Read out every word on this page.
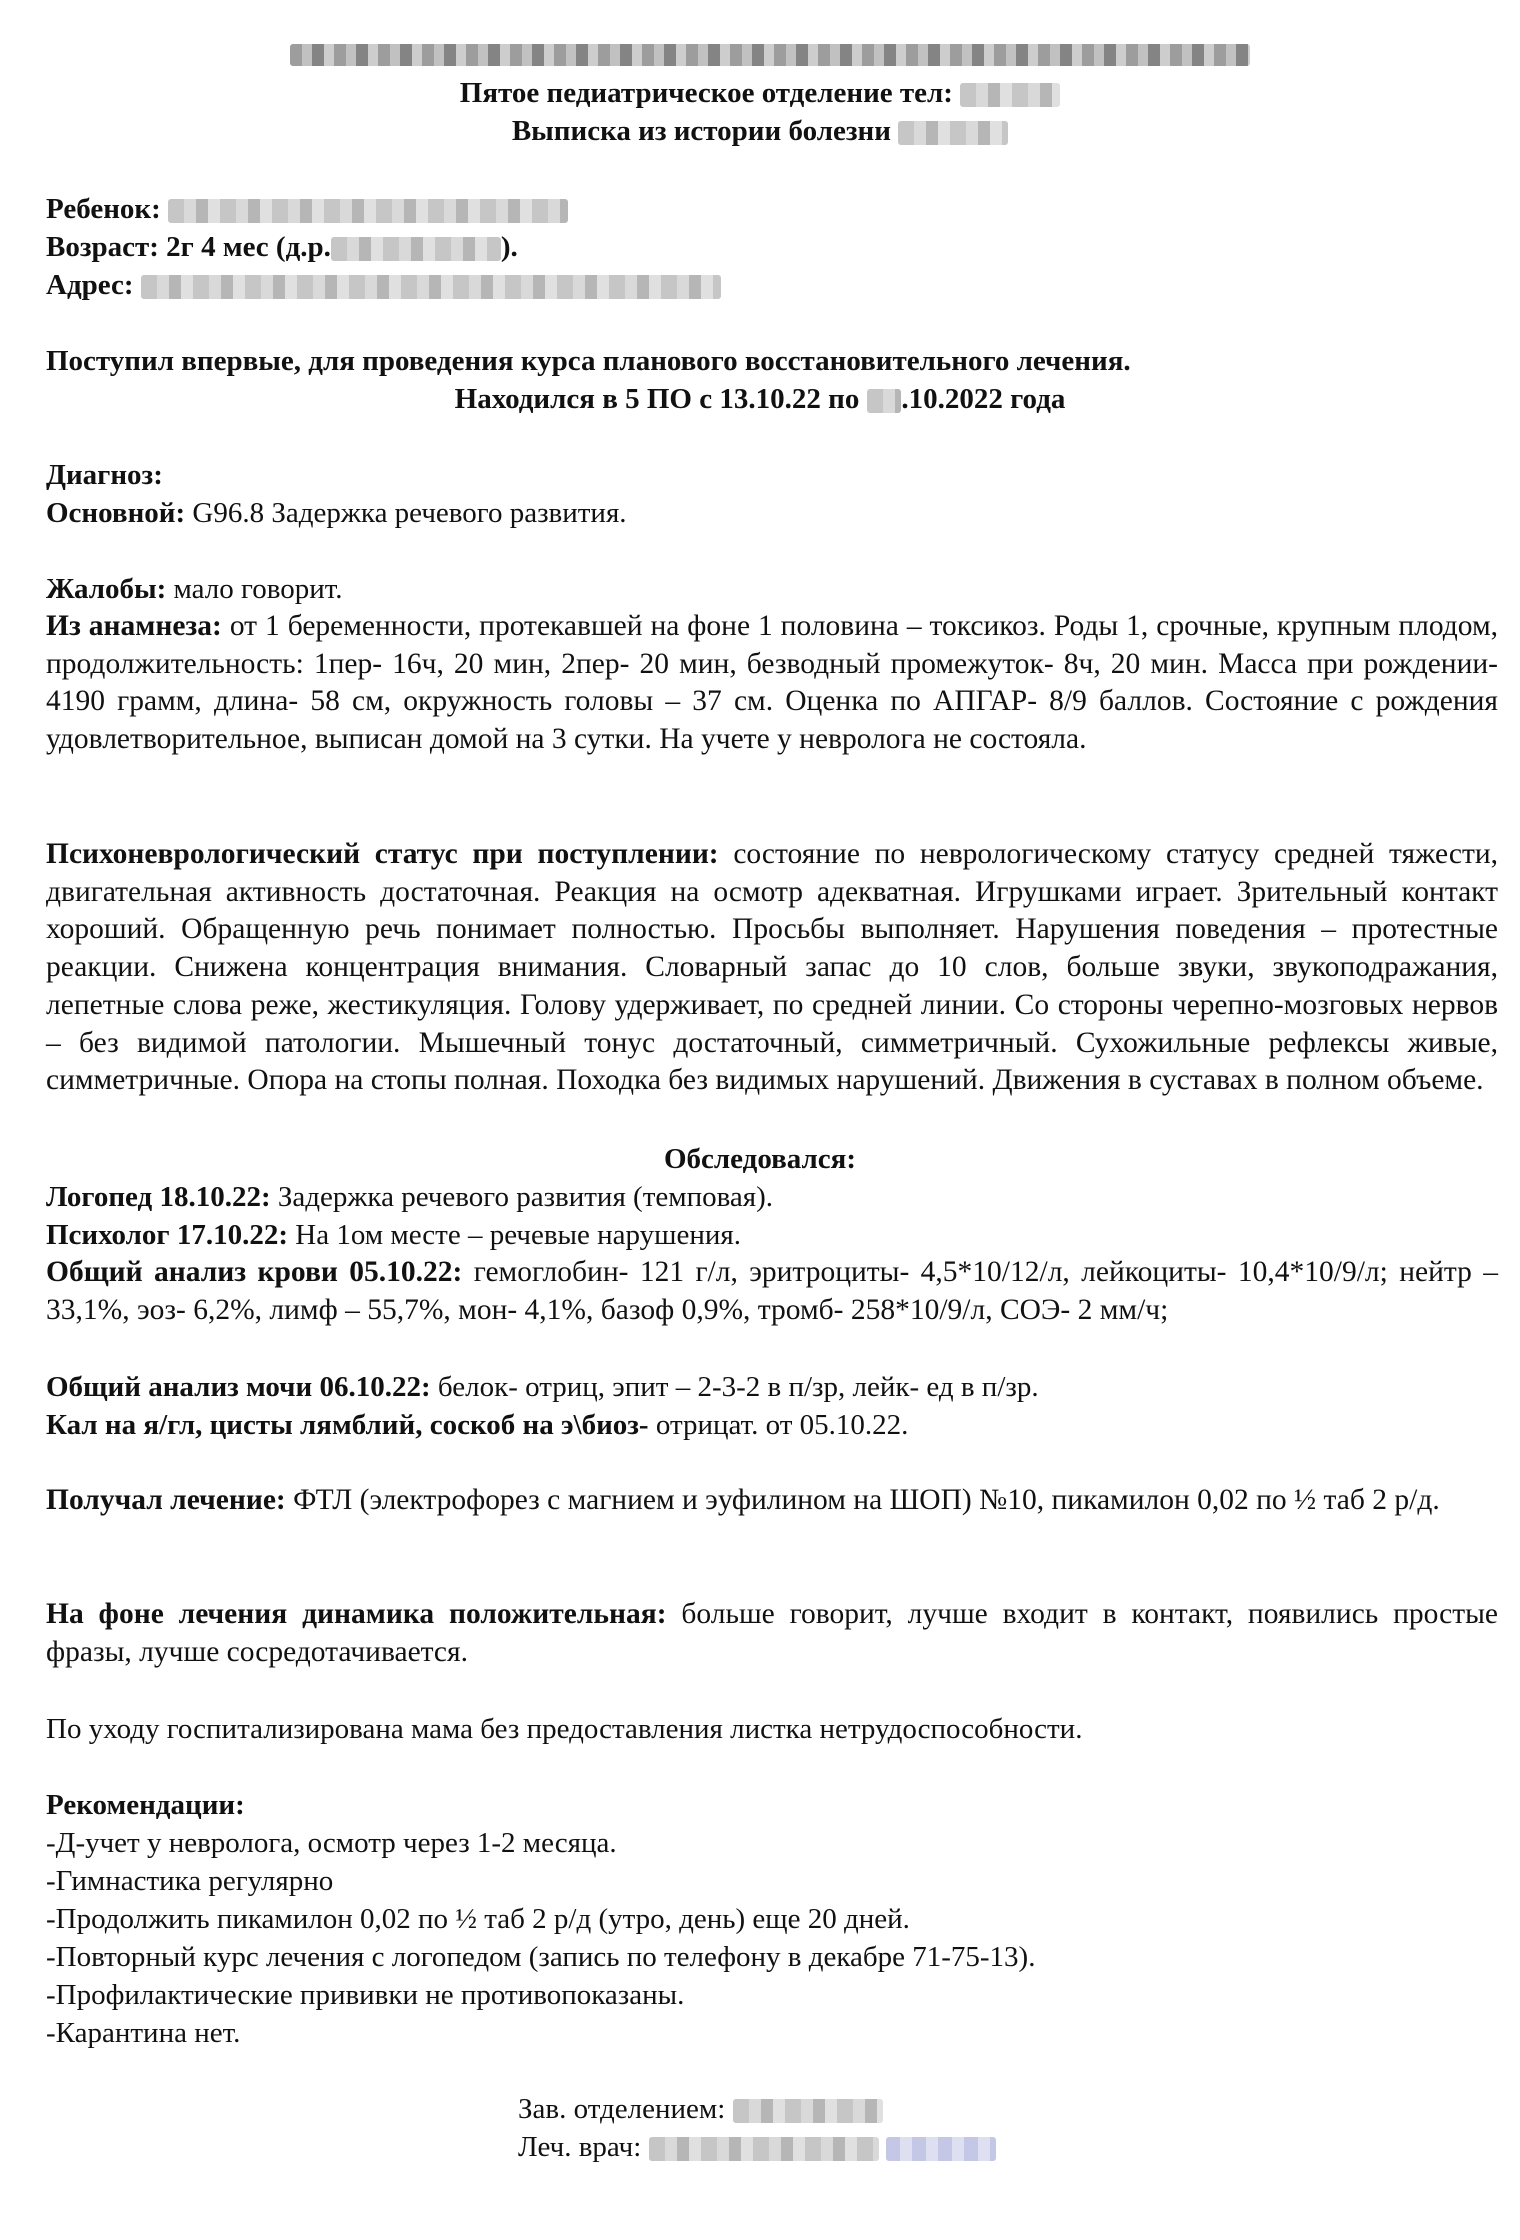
Пятое педиатрическое отделение тел:
Выписка из истории болезни
Ребенок:
Возраст: 2г 4 мес (д.р.	).
Адрес:
Поступил впервые, для проведения курса планового восстановительного лечения.
Находился в 5 ПО с 13.10.22 по .10.2022 года
Диагноз:
Основной: G96.8 Задержка речевого развития.
Жалобы: мало говорит.
Из анамнеза: от 1 беременности, протекавшей на фоне 1 половина – токсикоз. Роды 1, срочные, крупным плодом, продолжительность: 1пер- 16ч, 20 мин, 2пер- 20 мин, безводный промежуток- 8ч, 20 мин. Масса при рождении- 4190 грамм, длина- 58 см, окружность головы – 37 см. Оценка по АПГАР- 8/9 баллов. Состояние с рождения удовлетворительное, выписан домой на 3 сутки. На учете у невролога не состояла.
Психоневрологический статус при поступлении: состояние по неврологическому статусу средней тяжести, двигательная активность достаточная. Реакция на осмотр адекватная. Игрушками играет. Зрительный контакт хороший. Обращенную речь понимает полностью. Просьбы выполняет. Нарушения поведения – протестные реакции. Снижена концентрация внимания. Словарный запас до 10 слов, больше звуки, звукоподражания, лепетные слова реже, жестикуляция. Голову удерживает, по средней линии. Со стороны черепно-мозговых нервов – без видимой патологии. Мышечный тонус достаточный, симметричный. Сухожильные рефлексы живые, симметричные. Опора на стопы полная. Походка без видимых нарушений. Движения в суставах в полном объеме.
Обследовался:
Логопед 18.10.22: Задержка речевого развития (темповая).
Психолог 17.10.22: На 1ом месте – речевые нарушения.
Общий анализ крови 05.10.22: гемоглобин- 121 г/л, эритроциты- 4,5*10/12/л, лейкоциты- 10,4*10/9/л; нейтр – 33,1%, эоз- 6,2%, лимф – 55,7%, мон- 4,1%, базоф 0,9%, тромб- 258*10/9/л, СОЭ- 2 мм/ч;
Общий анализ мочи 06.10.22: белок- отриц, эпит – 2-3-2 в п/зр, лейк- ед в п/зр.
Кал на я/гл, цисты лямблий, соскоб на э\биоз- отрицат. от 05.10.22.
Получал лечение: ФТЛ (электрофорез с магнием и эуфилином на ШОП) №10, пикамилон 0,02 по ½ таб 2 р/д.
На фоне лечения динамика положительная: больше говорит, лучше входит в контакт, появились простые фразы, лучше сосредотачивается.
По уходу госпитализирована мама без предоставления листка нетрудоспособности.
Рекомендации:
-Д-учет у невролога, осмотр через 1-2 месяца.
-Гимнастика регулярно
-Продолжить пикамилон 0,02 по ½ таб 2 р/д (утро, день) еще 20 дней.
-Повторный курс лечения с логопедом (запись по телефону в декабре 71-75-13).
-Профилактические прививки не противопоказаны.
-Карантина нет.
Зав. отделением:
Леч. врач:
